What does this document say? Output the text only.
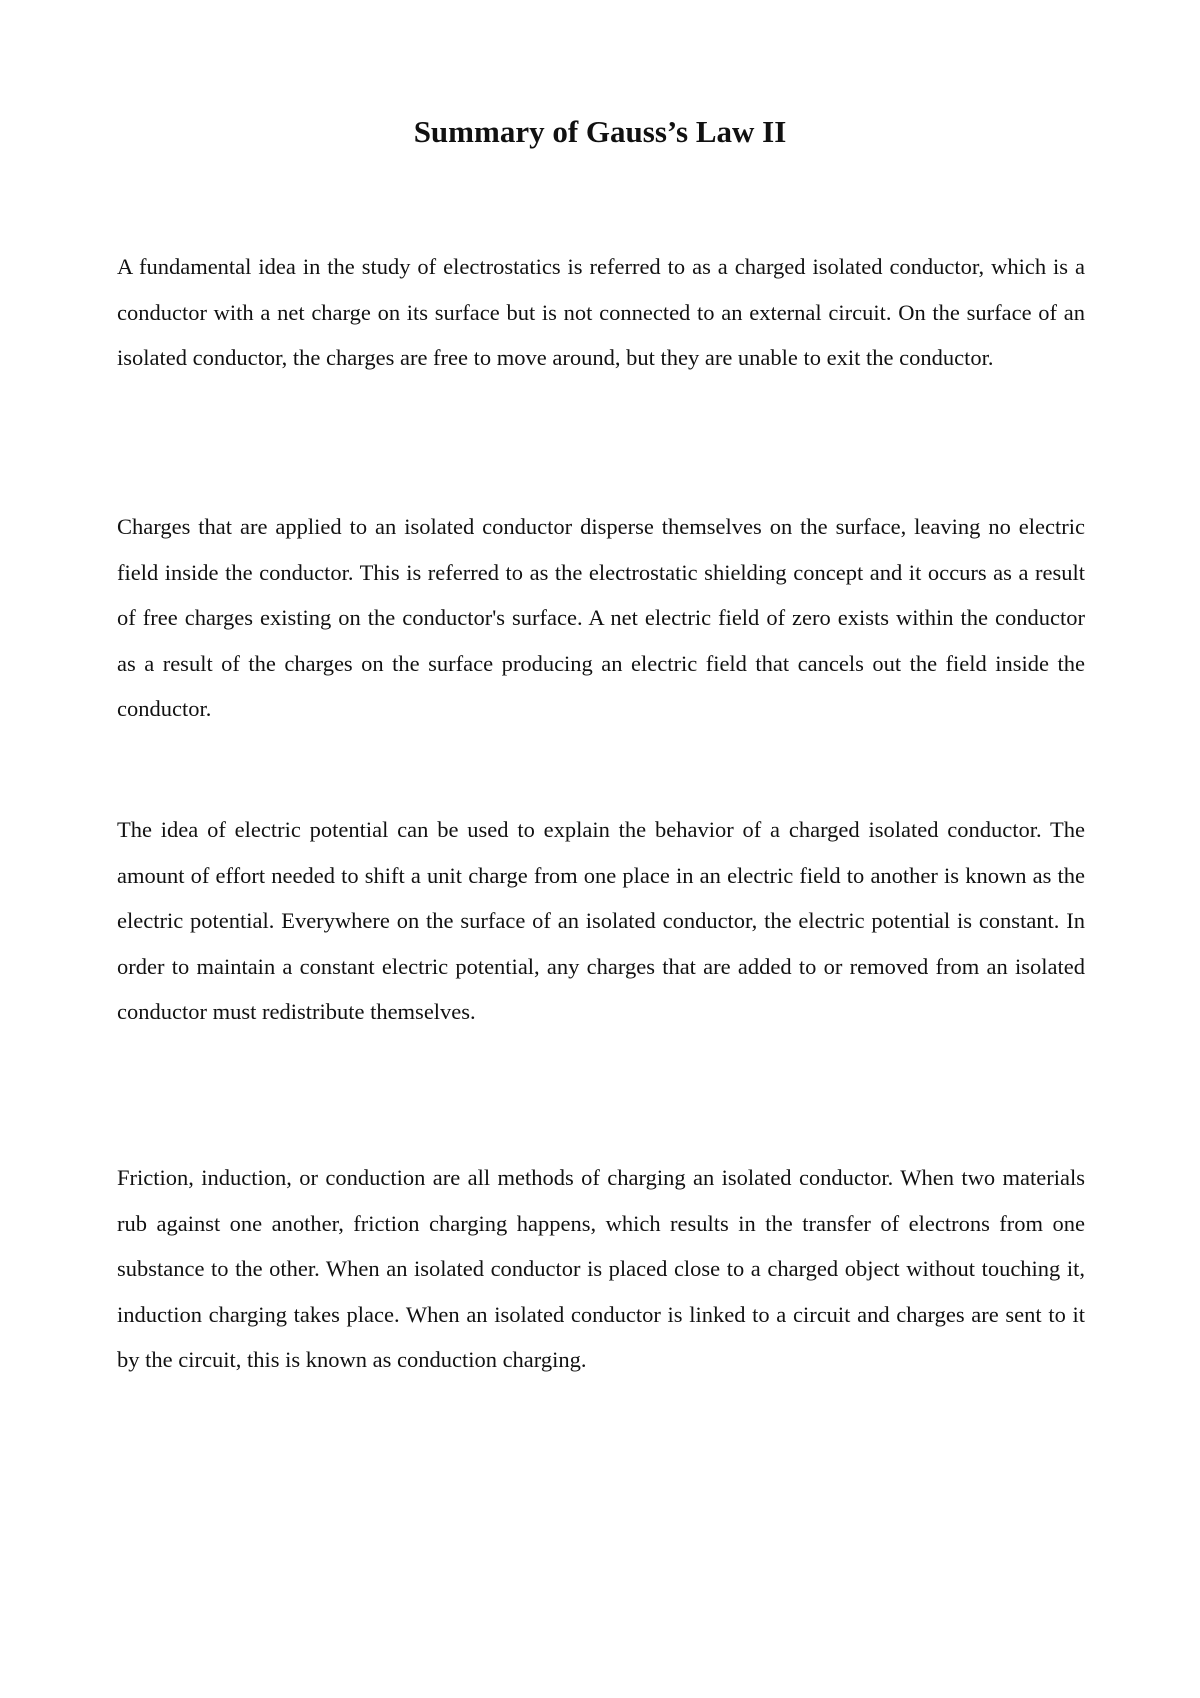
Summary of Gauss’s Law II

A fundamental idea in the study of electrostatics is referred to as a charged isolated conductor, which is a conductor with a net charge on its surface but is not connected to an external circuit. On the surface of an isolated conductor, the charges are free to move around, but they are unable to exit the conductor.

Charges that are applied to an isolated conductor disperse themselves on the surface, leaving no electric field inside the conductor. This is referred to as the electrostatic shielding concept and it occurs as a result of free charges existing on the conductor's surface. A net electric field of zero exists within the conductor as a result of the charges on the surface producing an electric field that cancels out the field inside the conductor.

The idea of electric potential can be used to explain the behavior of a charged isolated conductor. The amount of effort needed to shift a unit charge from one place in an electric field to another is known as the electric potential. Everywhere on the surface of an isolated conductor, the electric potential is constant. In order to maintain a constant electric potential, any charges that are added to or removed from an isolated conductor must redistribute themselves.

Friction, induction, or conduction are all methods of charging an isolated conductor. When two materials rub against one another, friction charging happens, which results in the transfer of electrons from one substance to the other. When an isolated conductor is placed close to a charged object without touching it, induction charging takes place. When an isolated conductor is linked to a circuit and charges are sent to it by the circuit, this is known as conduction charging.
